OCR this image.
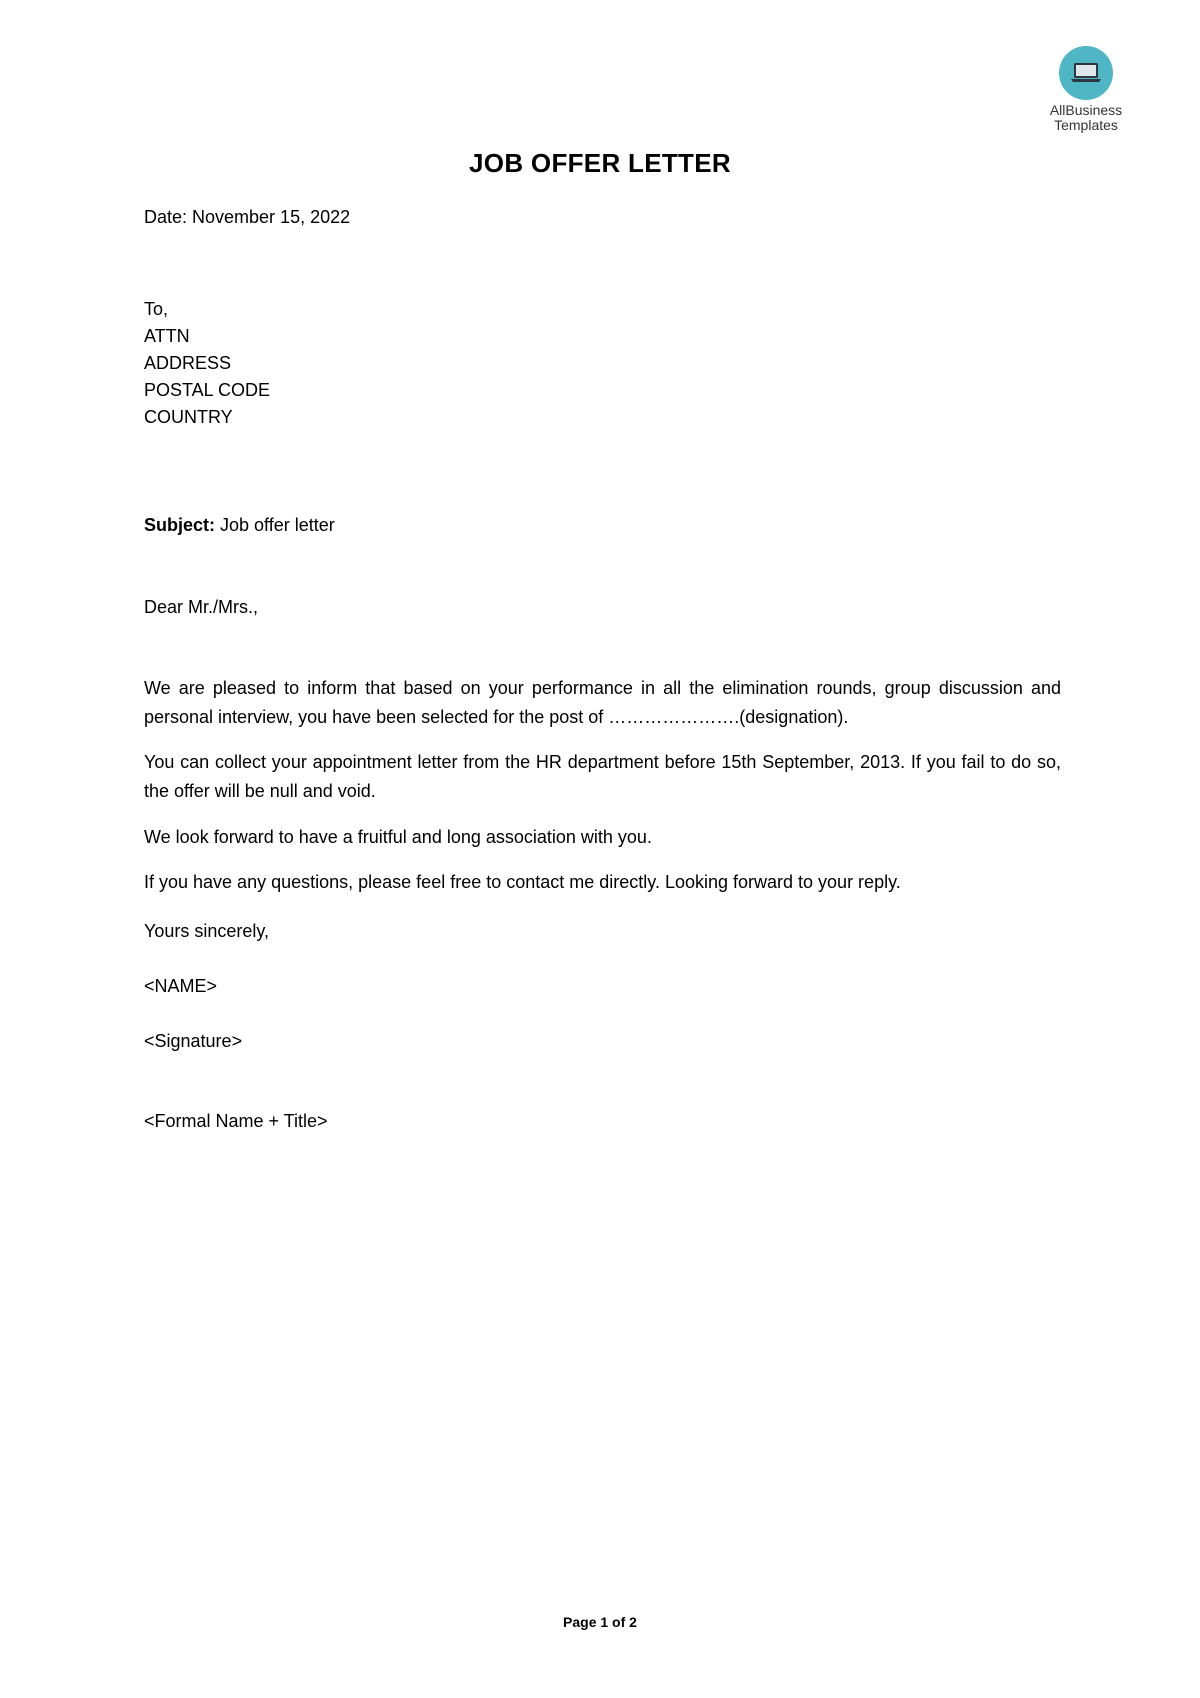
AllBusiness
Templates
JOB OFFER LETTER
Date: November 15, 2022
To,
ATTN
ADDRESS
POSTAL CODE
COUNTRY
Subject: Job offer letter
Dear Mr./Mrs.,
We are pleased to inform that based on your performance in all the elimination rounds, group discussion and personal interview, you have been selected for the post of ………………….(designation).
You can collect your appointment letter from the HR department before 15th September, 2013. If you fail to do so, the offer will be null and void.
We look forward to have a fruitful and long association with you.
If you have any questions, please feel free to contact me directly. Looking forward to your reply.
Yours sincerely,
<NAME>
<Signature>
<Formal Name + Title>
Page 1 of 2
